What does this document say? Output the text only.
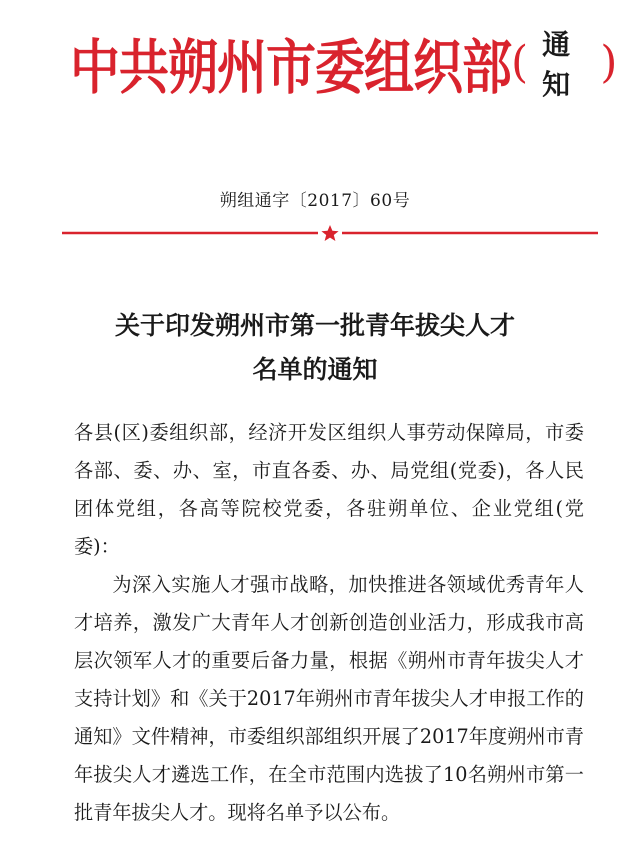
中共朔州市委组织部 ( 通知 )
朔组通字〔2017〕60号
关于印发朔州市第一批青年拔尖人才
名单的通知

各县(区)委组织部，经济开发区组织人事劳动保障局，市委各部、委、办、室，市直各委、办、局党组(党委)，各人民团体党组，各高等院校党委，各驻朔单位、企业党组(党委)：

为深入实施人才强市战略，加快推进各领域优秀青年人才培养，激发广大青年人才创新创造创业活力，形成我市高层次领军人才的重要后备力量，根据《朔州市青年拔尖人才支持计划》和《关于2017年朔州市青年拔尖人才申报工作的通知》文件精神，市委组织部组织开展了2017年度朔州市青年拔尖人才遴选工作，在全市范围内选拔了10名朔州市第一批青年拔尖人才。现将名单予以公布。
